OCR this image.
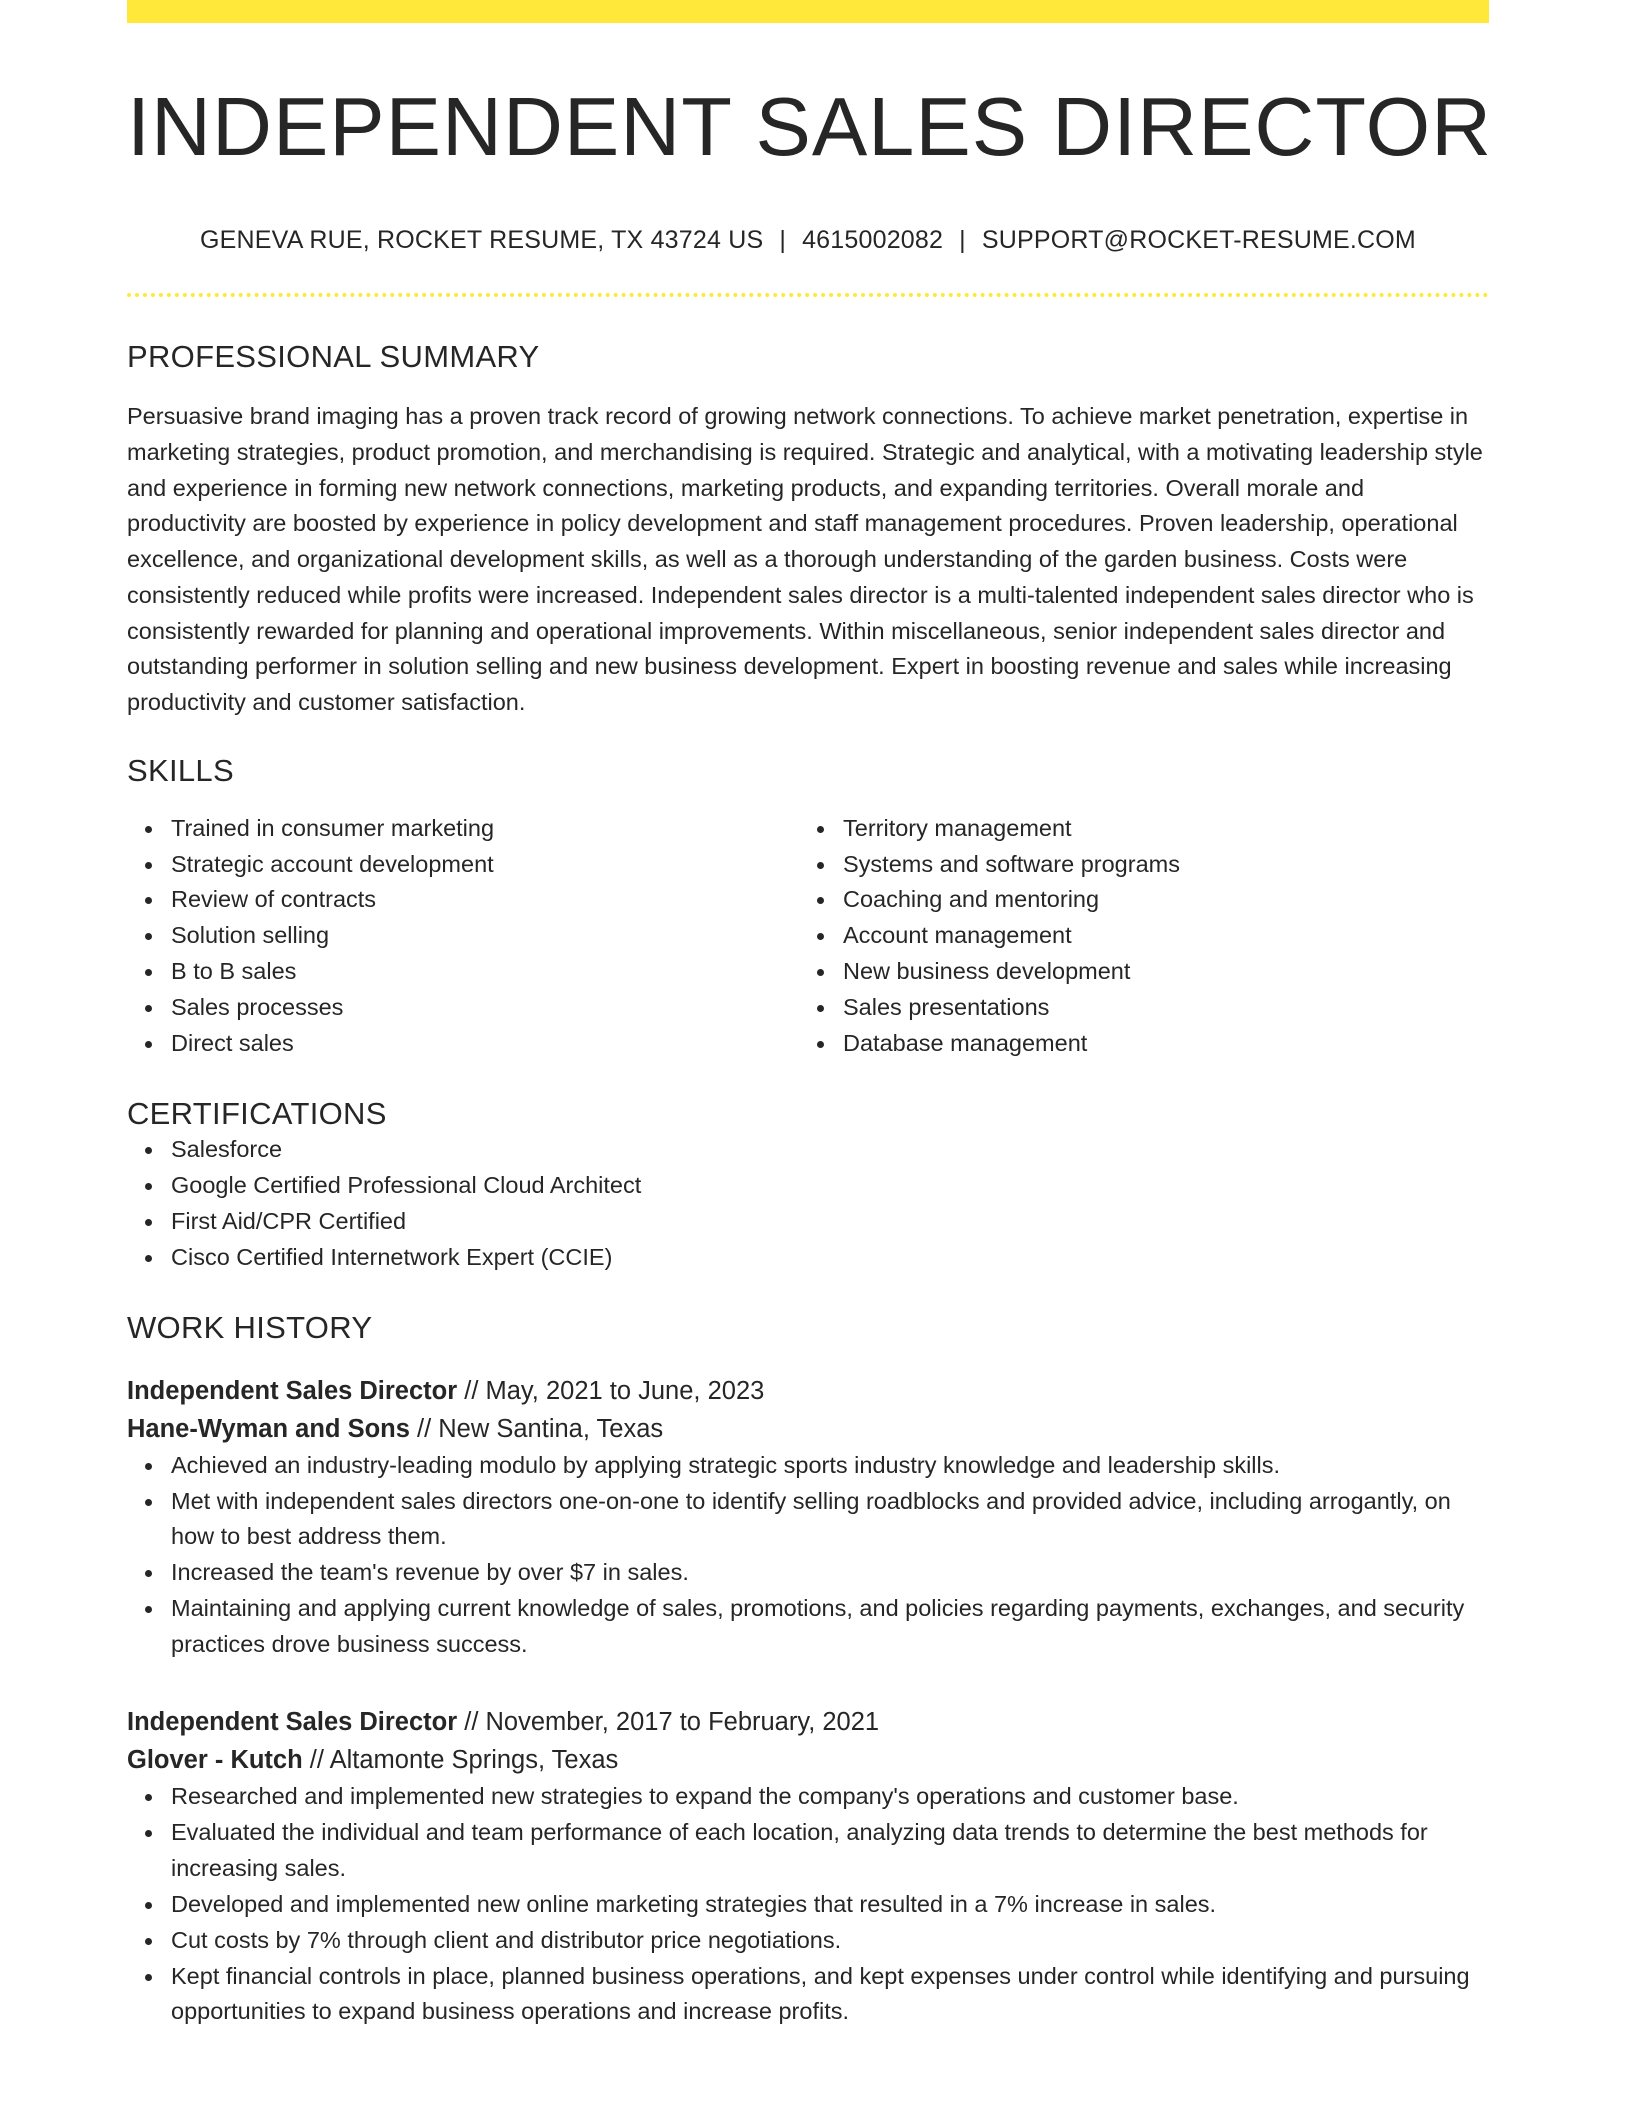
INDEPENDENT SALES DIRECTOR
GENEVA RUE, ROCKET RESUME, TX 43724 US | 4615002082 | SUPPORT@ROCKET-RESUME.COM
PROFESSIONAL SUMMARY

Persuasive brand imaging has a proven track record of growing network connections. To achieve market penetration, expertise in marketing strategies, product promotion, and merchandising is required. Strategic and analytical, with a motivating leadership style and experience in forming new network connections, marketing products, and expanding territories. Overall morale and productivity are boosted by experience in policy development and staff management procedures. Proven leadership, operational excellence, and organizational development skills, as well as a thorough understanding of the garden business. Costs were consistently reduced while profits were increased. Independent sales director is a multi-talented independent sales director who is consistently rewarded for planning and operational improvements. Within miscellaneous, senior independent sales director and outstanding performer in solution selling and new business development. Expert in boosting revenue and sales while increasing productivity and customer satisfaction.

SKILLS
Trained in consumer marketing
Strategic account development
Review of contracts
Solution selling
B to B sales
Sales processes
Direct sales
Territory management
Systems and software programs
Coaching and mentoring
Account management
New business development
Sales presentations
Database management
CERTIFICATIONS
Salesforce
Google Certified Professional Cloud Architect
First Aid/CPR Certified
Cisco Certified Internetwork Expert (CCIE)
WORK HISTORY
Independent Sales Director // May, 2021 to June, 2023
Hane-Wyman and Sons // New Santina, Texas
Achieved an industry-leading modulo by applying strategic sports industry knowledge and leadership skills.
Met with independent sales directors one-on-one to identify selling roadblocks and provided advice, including arrogantly, on how to best address them.
Increased the team's revenue by over $7 in sales.
Maintaining and applying current knowledge of sales, promotions, and policies regarding payments, exchanges, and security practices drove business success.
Independent Sales Director // November, 2017 to February, 2021
Glover - Kutch // Altamonte Springs, Texas
Researched and implemented new strategies to expand the company's operations and customer base.
Evaluated the individual and team performance of each location, analyzing data trends to determine the best methods for increasing sales.
Developed and implemented new online marketing strategies that resulted in a 7% increase in sales.
Cut costs by 7% through client and distributor price negotiations.
Kept financial controls in place, planned business operations, and kept expenses under control while identifying and pursuing opportunities to expand business operations and increase profits.
